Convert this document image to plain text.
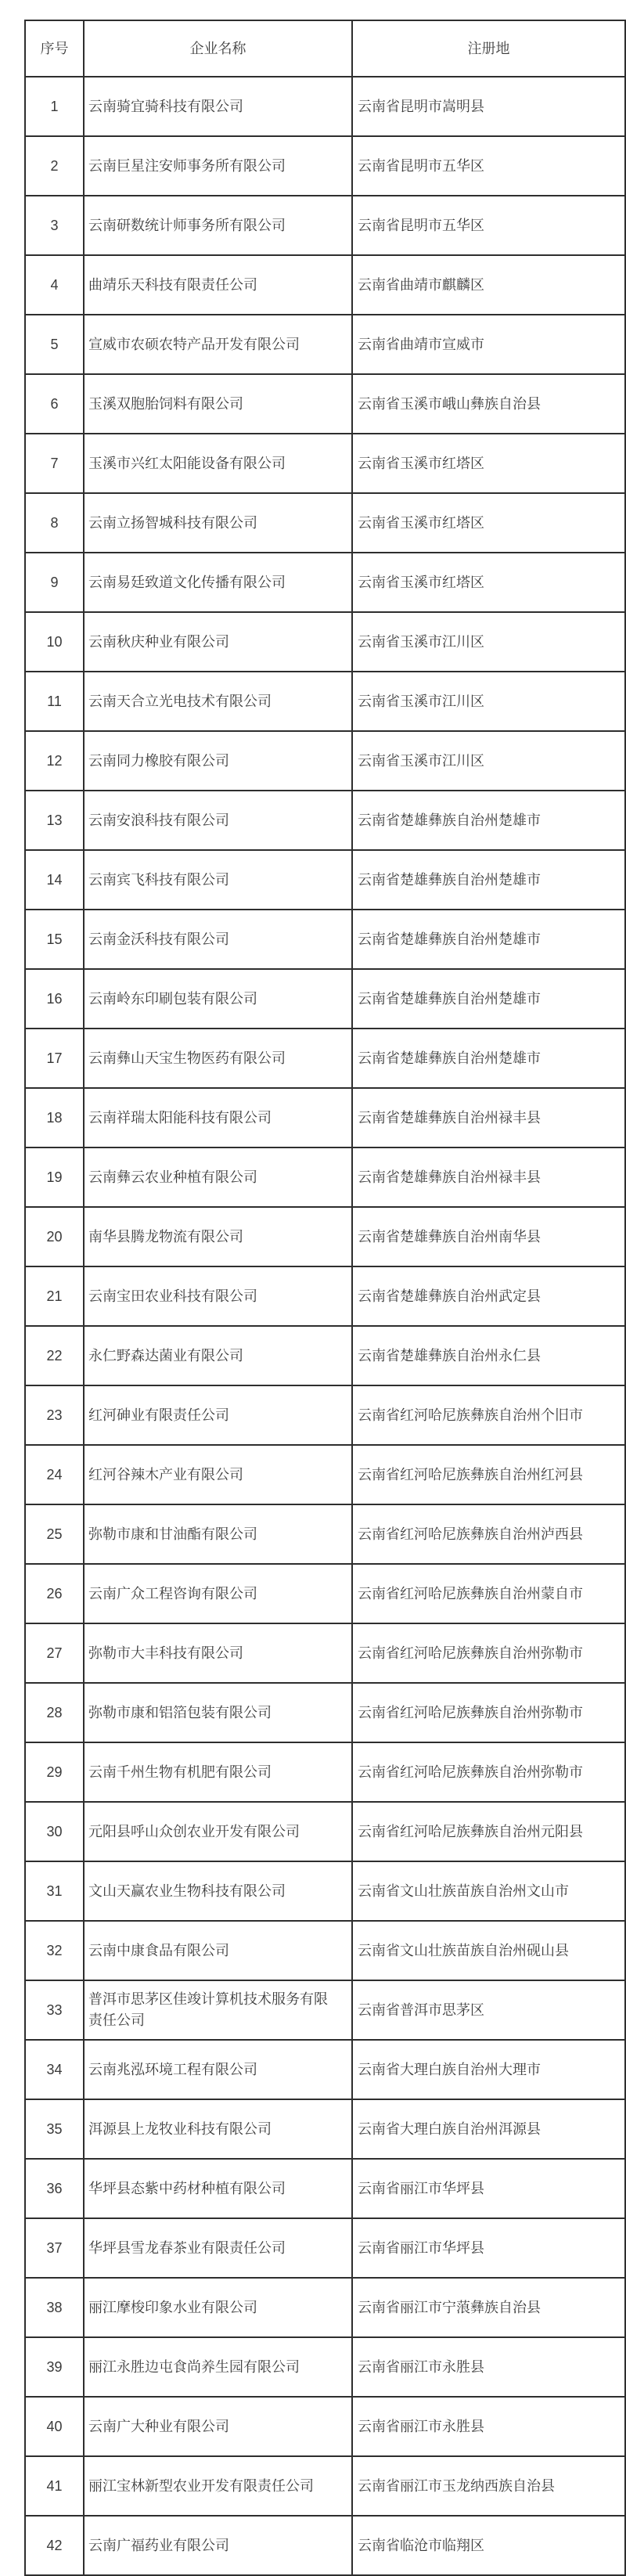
序号	企业名称	注册地
1	云南骑宜骑科技有限公司	云南省昆明市嵩明县
2	云南巨星注安师事务所有限公司	云南省昆明市五华区
3	云南研数统计师事务所有限公司	云南省昆明市五华区
4	曲靖乐天科技有限责任公司	云南省曲靖市麒麟区
5	宣威市农硕农特产品开发有限公司	云南省曲靖市宣威市
6	玉溪双胞胎饲料有限公司	云南省玉溪市峨山彝族自治县
7	玉溪市兴红太阳能设备有限公司	云南省玉溪市红塔区
8	云南立扬智城科技有限公司	云南省玉溪市红塔区
9	云南易廷致道文化传播有限公司	云南省玉溪市红塔区
10	云南秋庆种业有限公司	云南省玉溪市江川区
11	云南天合立光电技术有限公司	云南省玉溪市江川区
12	云南同力橡胶有限公司	云南省玉溪市江川区
13	云南安浪科技有限公司	云南省楚雄彝族自治州楚雄市
14	云南宾飞科技有限公司	云南省楚雄彝族自治州楚雄市
15	云南金沃科技有限公司	云南省楚雄彝族自治州楚雄市
16	云南岭东印刷包装有限公司	云南省楚雄彝族自治州楚雄市
17	云南彝山天宝生物医药有限公司	云南省楚雄彝族自治州楚雄市
18	云南祥瑞太阳能科技有限公司	云南省楚雄彝族自治州禄丰县
19	云南彝云农业种植有限公司	云南省楚雄彝族自治州禄丰县
20	南华县腾龙物流有限公司	云南省楚雄彝族自治州南华县
21	云南宝田农业科技有限公司	云南省楚雄彝族自治州武定县
22	永仁野森达菌业有限公司	云南省楚雄彝族自治州永仁县
23	红河砷业有限责任公司	云南省红河哈尼族彝族自治州个旧市
24	红河谷辣木产业有限公司	云南省红河哈尼族彝族自治州红河县
25	弥勒市康和甘油酯有限公司	云南省红河哈尼族彝族自治州泸西县
26	云南广众工程咨询有限公司	云南省红河哈尼族彝族自治州蒙自市
27	弥勒市大丰科技有限公司	云南省红河哈尼族彝族自治州弥勒市
28	弥勒市康和铝箔包装有限公司	云南省红河哈尼族彝族自治州弥勒市
29	云南千州生物有机肥有限公司	云南省红河哈尼族彝族自治州弥勒市
30	元阳县呼山众创农业开发有限公司	云南省红河哈尼族彝族自治州元阳县
31	文山天赢农业生物科技有限公司	云南省文山壮族苗族自治州文山市
32	云南中康食品有限公司	云南省文山壮族苗族自治州砚山县
33	普洱市思茅区佳竣计算机技术服务有限责任公司	云南省普洱市思茅区
34	云南兆泓环境工程有限公司	云南省大理白族自治州大理市
35	洱源县上龙牧业科技有限公司	云南省大理白族自治州洱源县
36	华坪县态紫中药材种植有限公司	云南省丽江市华坪县
37	华坪县雪龙春茶业有限责任公司	云南省丽江市华坪县
38	丽江摩梭印象水业有限公司	云南省丽江市宁蒗彝族自治县
39	丽江永胜边屯食尚养生园有限公司	云南省丽江市永胜县
40	云南广大种业有限公司	云南省丽江市永胜县
41	丽江宝林新型农业开发有限责任公司	云南省丽江市玉龙纳西族自治县
42	云南广福药业有限公司	云南省临沧市临翔区
